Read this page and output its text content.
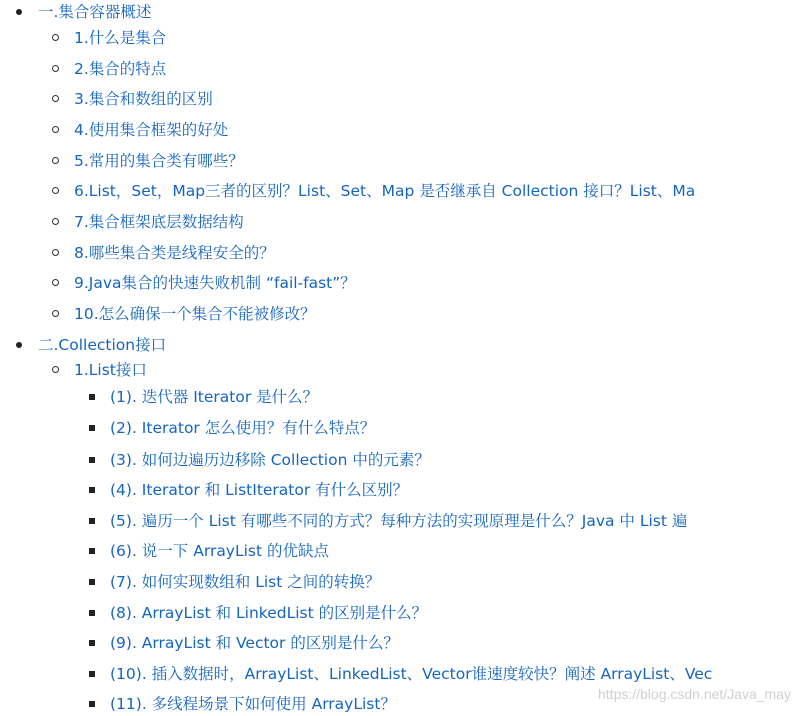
一.集合容器概述
1.什么是集合
2.集合的特点
3.集合和数组的区别
4.使用集合框架的好处
5.常用的集合类有哪些？
6.List，Set，Map三者的区别？List、Set、Map 是否继承自 Collection 接口？List、Ma
7.集合框架底层数据结构
8.哪些集合类是线程安全的？
9.Java集合的快速失败机制 “fail-fast”？
10.怎么确保一个集合不能被修改？
二.Collection接口
1.List接口
(1). 迭代器 Iterator 是什么？
(2). Iterator 怎么使用？有什么特点？
(3). 如何边遍历边移除 Collection 中的元素？
(4). Iterator 和 ListIterator 有什么区别？
(5). 遍历一个 List 有哪些不同的方式？每种方法的实现原理是什么？Java 中 List 遍
(6). 说一下 ArrayList 的优缺点
(7). 如何实现数组和 List 之间的转换？
(8). ArrayList 和 LinkedList 的区别是什么？
(9). ArrayList 和 Vector 的区别是什么？
(10). 插入数据时，ArrayList、LinkedList、Vector谁速度较快？阐述 ArrayList、Vec
(11). 多线程场景下如何使用 ArrayList？
https://blog.csdn.net/Java_may
